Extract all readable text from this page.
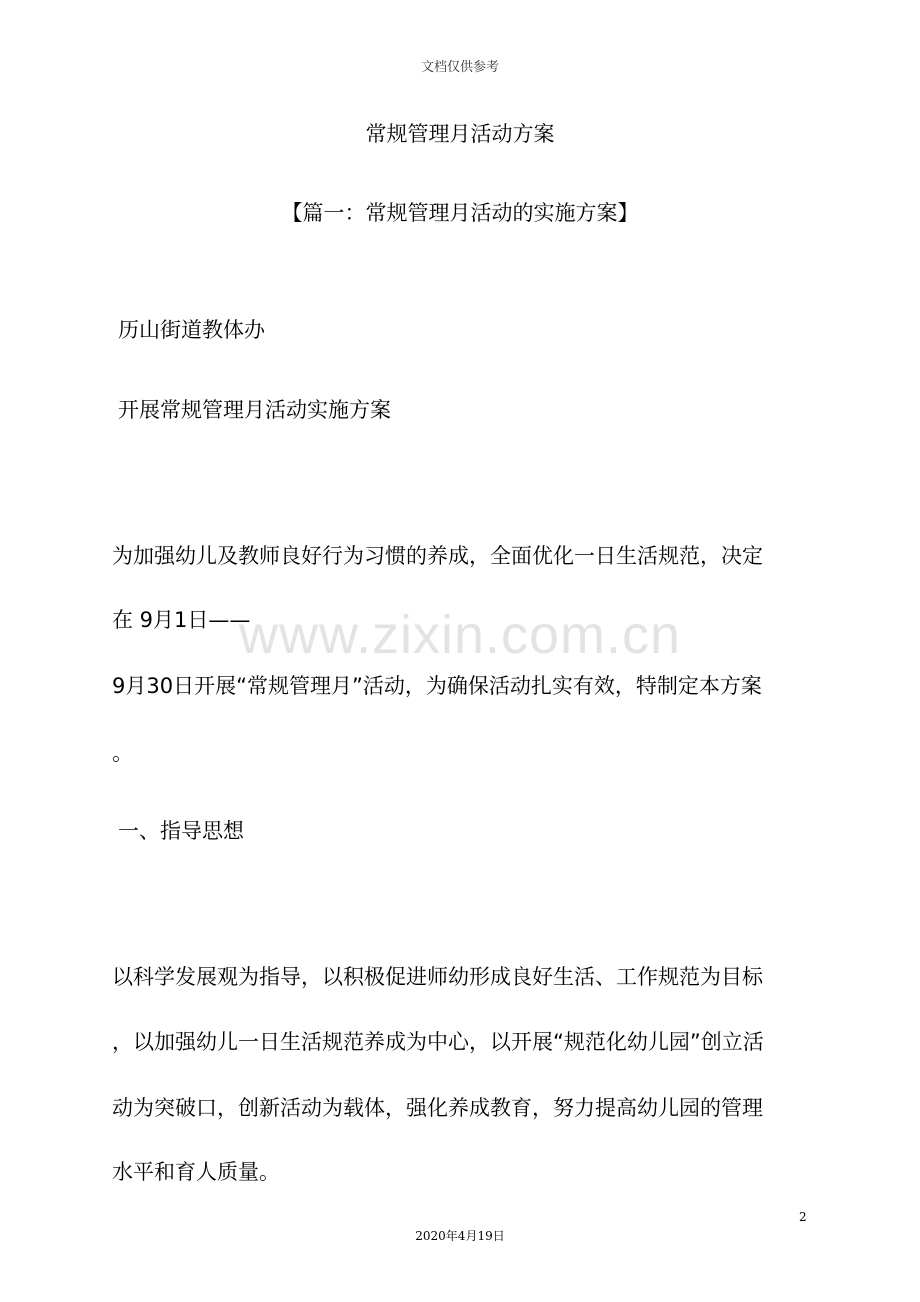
文档仅供参考
常规管理月活动方案
【篇一：常规管理月活动的实施方案】
历山街道教体办
开展常规管理月活动实施方案
为加强幼儿及教师良好行为习惯的养成，全面优化一日生活规范，决定
在 9月1日——
9月30日开展“常规管理月”活动，为确保活动扎实有效，特制定本方案
。
一、指导思想
以科学发展观为指导，以积极促进师幼形成良好生活、工作规范为目标
，以加强幼儿一日生活规范养成为中心，以开展“规范化幼儿园”创立活
动为突破口，创新活动为载体，强化养成教育，努力提高幼儿园的管理
水平和育人质量。
www.zixin.com.cn
2
2020年4月19日
